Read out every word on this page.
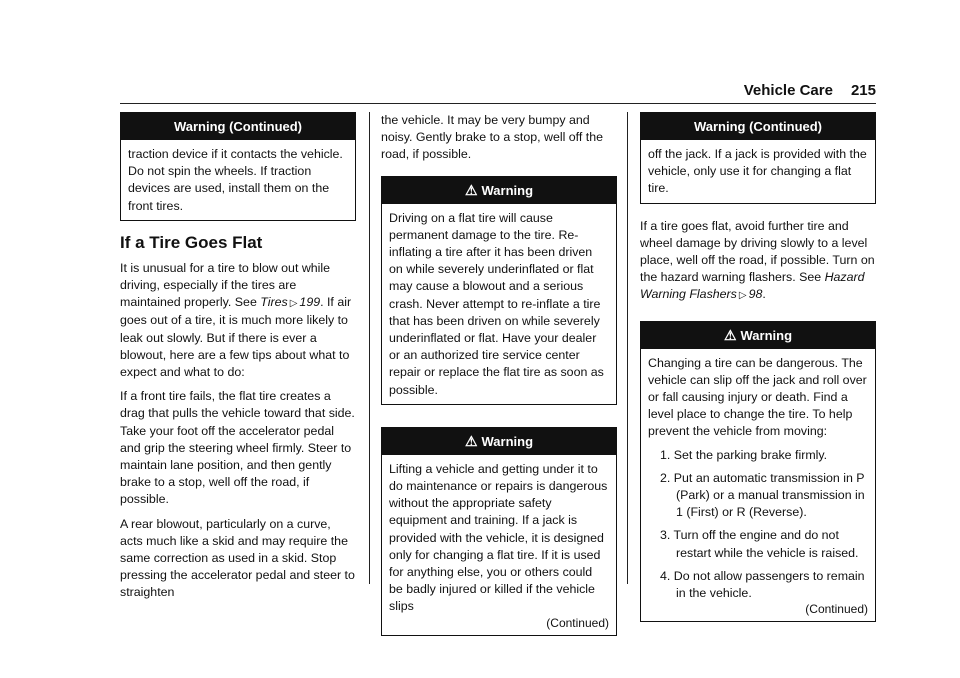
Vehicle Care 215
Warning (Continued)
traction device if it contacts the vehicle. Do not spin the wheels. If traction devices are used, install them on the front tires.
If a Tire Goes Flat

It is unusual for a tire to blow out while driving, especially if the tires are maintained properly. See Tires ▷ 199. If air goes out of a tire, it is much more likely to leak out slowly. But if there is ever a blowout, here are a few tips about what to expect and what to do:

If a front tire fails, the flat tire creates a drag that pulls the vehicle toward that side. Take your foot off the accelerator pedal and grip the steering wheel firmly. Steer to maintain lane position, and then gently brake to a stop, well off the road, if possible.

A rear blowout, particularly on a curve, acts much like a skid and may require the same correction as used in a skid. Stop pressing the accelerator pedal and steer to straighten

the vehicle. It may be very bumpy and noisy. Gently brake to a stop, well off the road, if possible.

⚠ Warning
Driving on a flat tire will cause permanent damage to the tire. Re-inflating a tire after it has been driven on while severely underinflated or flat may cause a blowout and a serious crash. Never attempt to re-inflate a tire that has been driven on while severely underinflated or flat. Have your dealer or an authorized tire service center repair or replace the flat tire as soon as possible.
⚠ Warning
Lifting a vehicle and getting under it to do maintenance or repairs is dangerous without the appropriate safety equipment and training. If a jack is provided with the vehicle, it is designed only for changing a flat tire. If it is used for anything else, you or others could be badly injured or killed if the vehicle slips
(Continued)
Warning (Continued)
off the jack. If a jack is provided with the vehicle, only use it for changing a flat tire.

If a tire goes flat, avoid further tire and wheel damage by driving slowly to a level place, well off the road, if possible. Turn on the hazard warning flashers. See Hazard Warning Flashers ▷ 98.

⚠ Warning
Changing a tire can be dangerous. The vehicle can slip off the jack and roll over or fall causing injury or death. Find a level place to change the tire. To help prevent the vehicle from moving:
1. Set the parking brake firmly.
2. Put an automatic transmission in P (Park) or a manual transmission in 1 (First) or R (Reverse).
3. Turn off the engine and do not restart while the vehicle is raised.
4. Do not allow passengers to remain in the vehicle.
(Continued)
